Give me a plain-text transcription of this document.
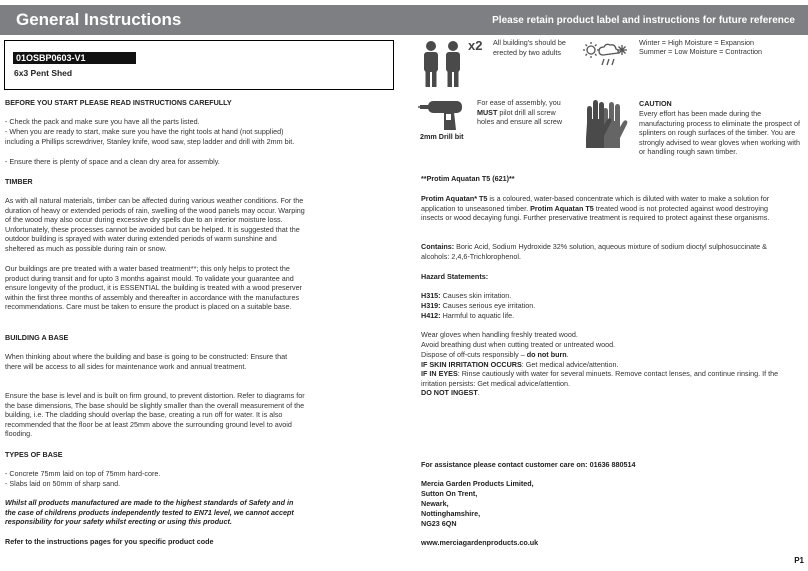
General Instructions	Please retain product label and instructions for future reference
01OSBP0603-V1
6x3 Pent Shed
BEFORE YOU START PLEASE READ INSTRUCTIONS CAREFULLY
- Check the pack and make sure you have all the parts listed.
- When you are ready to start, make sure you have the right tools at hand (not supplied) including a Phillips screwdriver, Stanley knife, wood saw, step ladder and drill with 2mm bit.
- Ensure there is plenty of space and a clean dry area for assembly.
TIMBER
As with all natural materials, timber can be affected during various weather conditions. For the duration of heavy or extended periods of rain, swelling of the wood panels may occur. Warping of the wood may also occur during excessive dry spells due to an interior moisture loss. Unfortunately, these processes cannot be avoided but can be helped. It is suggested that the outdoor building is sprayed with water during extended periods of warm sunshine and sheltered as much as possible during rain or snow.
Our buildings are pre treated with a water based treatment**; this only helps to protect the product during transit and for upto 3 months against mould. To validate your guarantee and ensure longevity of the product, it is ESSENTIAL the building is treated with a wood preserver within the first three months of assembly and thereafter in accordance with the manufactures recommendations. Care must be taken to ensure the product is placed on a suitable base.
BUILDING A BASE
When thinking about where the building and base is going to be constructed: Ensure that there will be access to all sides for maintenance work and annual treatment.
Ensure the base is level and is built on firm ground, to prevent distortion. Refer to diagrams for the base dimensions, The base should be slightly smaller than the overall measurement of the building, i.e. The cladding should overlap the base, creating a run off for water. It is also recommended that the floor be at least 25mm above the surrounding ground level to avoid flooding.
TYPES OF BASE
- Concrete 75mm laid on top of 75mm hard-core.
- Slabs laid on 50mm of sharp sand.
Whilst all products manufactured are made to the highest standards of Safety and in the case of childrens products independently tested to EN71 level, we cannot accept responsibility for your safety whilst erecting or using this product.
Refer to the instructions pages for you specific product code
x2 All building's should be erected by two adults
Winter = High Moisture = Expansion
Summer = Low Moisture = Contraction
2mm Drill bit
For ease of assembly, you MUST pilot drill all screw holes and ensure all screw
CAUTION
Every effort has been made during the manufacturing process to eliminate the prospect of splinters on rough surfaces of the timber. You are strongly advised to wear gloves when working with or handling rough sawn timber.
**Protim Aquatan T5 (621)**
Protim Aquatan* T5 is a coloured, water-based concentrate which is diluted with water to make a solution for application to unseasoned timber. Protim Aquatan T5 treated wood is not protected against wood destroying insects or wood decaying fungi. Further preservative treatment is required to protect against these organisms.
Contains: Boric Acid, Sodium Hydroxide 32% solution, aqueous mixture of sodium dioctyl sulphosuccinate & alcohols: 2,4,6-Trichlorophenol.
Hazard Statements:
H315: Causes skin irritation.
H319: Causes serious eye irritation.
H412: Harmful to aquatic life.
Wear gloves when handling freshly treated wood.
Avoid breathing dust when cutting treated or untreated wood.
Dispose of off-cuts responsibly – do not burn.
IF SKIN IRRITATION OCCURS: Get medical advice/attention.
IF IN EYES: Rinse cautiously with water for several minuets. Remove contact lenses, and continue rinsing. If the irritation persists: Get medical advice/attention.
DO NOT INGEST.
For assistance please contact customer care on: 01636 880514
Mercia Garden Products Limited,
Sutton On Trent,
Newark,
Nottinghamshire,
NG23 6QN
www.merciagardenproducts.co.uk
P1
